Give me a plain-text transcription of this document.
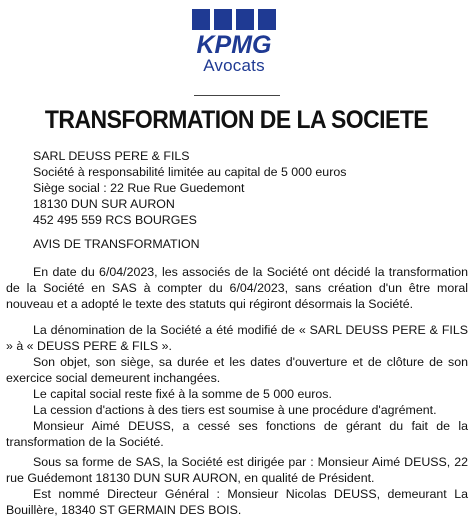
KPMG
Avocats
TRANSFORMATION DE LA SOCIETE
SARL DEUSS PERE & FILS
Société à responsabilité limitée au capital de 5 000 euros
Siège social : 22 Rue Rue Guedemont
18130 DUN SUR AURON
452 495 559 RCS BOURGES
AVIS DE TRANSFORMATION
En date du 6/04/2023, les associés de la Société ont décidé la transformation de la Société en SAS à compter du 6/04/2023, sans création d'un être moral nouveau et a adopté le texte des statuts qui régiront désormais la Société.
La dénomination de la Société a été modifié de « SARL DEUSS PERE & FILS » à « DEUSS PERE & FILS ».
Son objet, son siège, sa durée et les dates d'ouverture et de clôture de son exercice social demeurent inchangées.
Le capital social reste fixé à la somme de 5 000 euros.
La cession d'actions à des tiers est soumise à une procédure d'agrément.
Monsieur Aimé DEUSS, a cessé ses fonctions de gérant du fait de la transformation de la Société.
Sous sa forme de SAS, la Société est dirigée par : Monsieur Aimé DEUSS, 22 rue Guédemont 18130 DUN SUR AURON, en qualité de Président.
Est nommé Directeur Général : Monsieur Nicolas DEUSS, demeurant La Bouillère, 18340 ST GERMAIN DES BOIS.
